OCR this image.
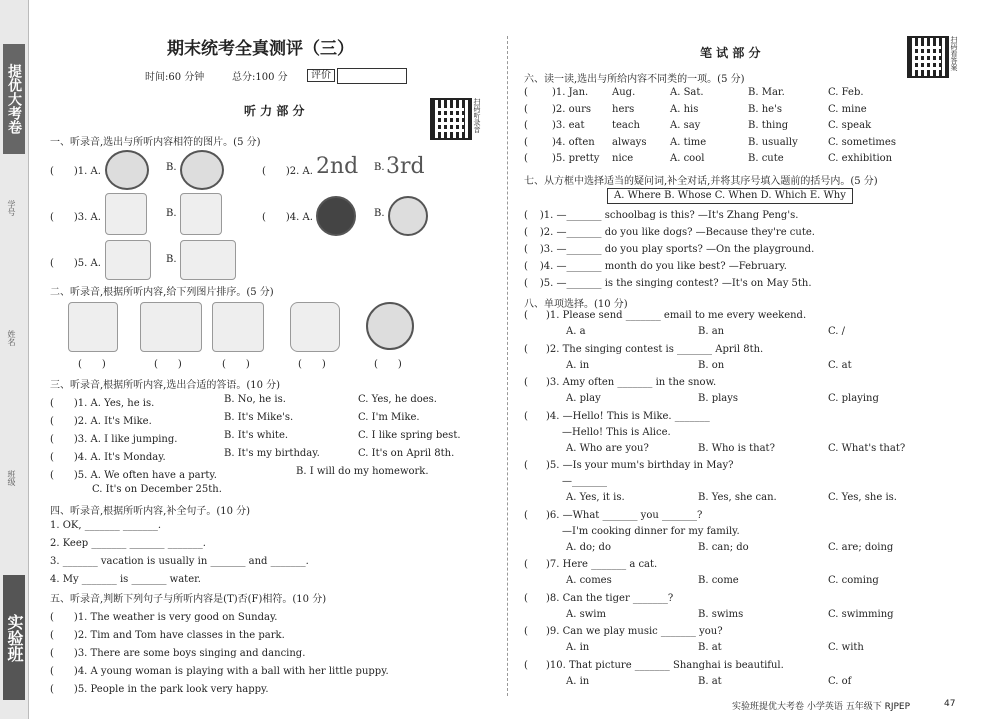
提优大考卷
学号
姓名
班级
实验班
期末统考全真测评（三）
时间:60 分钟	总分:100 分	评价
听 力 部 分	扫码听录音
一、听录音,选出与所听内容相符的图片。(5 分)
(　　)1. A.	B.	(　　)2. A. 2nd B. 3rd
(　　)3. A.	B.	(　　)4. A.	B.
(　　)5. A.	B.
二、听录音,根据所听内容,给下列图片排序。(5 分)
(　　)	(　　)	(　　)	(　　)	(　　)
三、听录音,根据所听内容,选出合适的答语。(10 分)
(　　)1. A. Yes, he is.	B. No, he is.	C. Yes, he does.
(　　)2. A. It's Mike.	B. It's Mike's.	C. I'm Mike.
(　　)3. A. I like jumping.	B. It's white.	C. I like spring best.
(　　)4. A. It's Monday.	B. It's my birthday.	C. It's on April 8th.
(　　)5. A. We often have a party.	B. I will do my homework.
C. It's on December 25th.
四、听录音,根据所听内容,补全句子。(10 分)
1. OK, _______ _______.
2. Keep _______ _______ _______.
3. _______ vacation is usually in _______ and _______.
4. My _______ is _______ water.
五、听录音,判断下列句子与所听内容是(T)否(F)相符。(10 分)
(　　)1. The weather is very good on Sunday.
(　　)2. Tim and Tom have classes in the park.
(　　)3. There are some boys singing and dancing.
(　　)4. A young woman is playing with a ball with her little puppy.
(　　)5. People in the park look very happy.
笔 试 部 分	扫码看答案
六、读一读,选出与所给内容不同类的一项。(5 分)
( )1. Jan. Aug.	A. Sat.	B. Mar.	C. Feb.
( )2. ours hers	A. his	B. he's	C. mine
( )3. eat	teach	A. say	B. thing	C. speak
( )4. often always A. time	B. usually	C. sometimes
( )5. pretty nice	A. cool	B. cute	C. exhibition
七、从方框中选择适当的疑问词,补全对话,并将其序号填入题前的括号内。(5 分)
A. Where B. Whose C. When D. Which E. Why
( )1. —_______ schoolbag is this? —It's Zhang Peng's.
( )2. —_______ do you like dogs? —Because they're cute.
( )3. —_______ do you play sports? —On the playground.
( )4. —_______ month do you like best? —February.
( )5. —_______ is the singing contest? —It's on May 5th.
八、单项选择。(10 分)
( )1. Please send _______ email to me every weekend.
A. a	B. an	C. /
( )2. The singing contest is _______ April 8th.
A. in	B. on	C. at
( )3. Amy often _______ in the snow.
A. play	B. plays	C. playing
( )4. —Hello! This is Mike. _______
—Hello! This is Alice.
A. Who are you?	B. Who is that?	C. What's that?
( )5. —Is your mum's birthday in May?
—_______
A. Yes, it is.	B. Yes, she can.	C. Yes, she is.
( )6. —What _______ you _______?
—I'm cooking dinner for my family.
A. do; do	B. can; do	C. are; doing
( )7. Here _______ a cat.
A. comes	B. come	C. coming
( )8. Can the tiger _______?
A. swim	B. swims	C. swimming
( )9. Can we play music _______ you?
A. in	B. at	C. with
( )10. That picture _______ Shanghai is beautiful.
A. in	B. at	C. of
实验班提优大考卷 小学英语 五年级下 RJPEP	47
